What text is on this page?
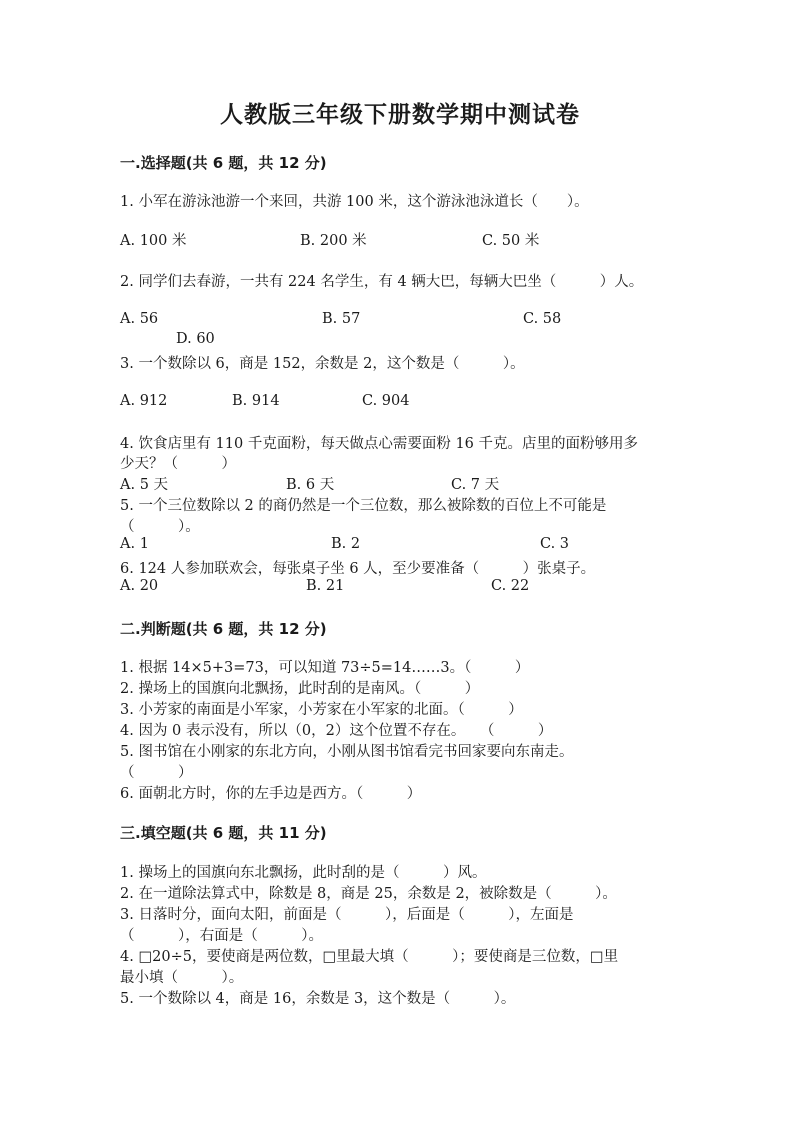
人教版三年级下册数学期中测试卷
一.选择题(共 6 题，共 12 分)
1. 小军在游泳池游一个来回，共游 100 米，这个游泳池泳道长（　　）。
A. 100 米	B. 200 米	C. 50 米
2. 同学们去春游，一共有 224 名学生，有 4 辆大巴，每辆大巴坐（　　　）人。
A. 56	B. 57	C. 58
D. 60
3. 一个数除以 6，商是 152，余数是 2，这个数是（　　　）。
A. 912	B. 914	C. 904
4. 饮食店里有 110 千克面粉，每天做点心需要面粉 16 千克。店里的面粉够用多
少天？（　　　）
A. 5 天	B. 6 天	C. 7 天
5. 一个三位数除以 2 的商仍然是一个三位数，那么被除数的百位上不可能是
（　　　）。
A. 1	B. 2	C. 3
6. 124 人参加联欢会，每张桌子坐 6 人，至少要准备（　　　）张桌子。
A. 20	B. 21	C. 22
二.判断题(共 6 题，共 12 分)
1. 根据 14×5+3=73，可以知道 73÷5=14……3。（　　　）
2. 操场上的国旗向北飘扬，此时刮的是南风。（　　　）
3. 小芳家的南面是小军家，小芳家在小军家的北面。（　　　）
4. 因为 0 表示没有，所以（0，2）这个位置不存在。　　（　　　）
5. 图书馆在小刚家的东北方向，小刚从图书馆看完书回家要向东南走。
（　　　）
6. 面朝北方时，你的左手边是西方。（　　　）
三.填空题(共 6 题，共 11 分)
1. 操场上的国旗向东北飘扬，此时刮的是（　　　）风。
2. 在一道除法算式中，除数是 8，商是 25，余数是 2，被除数是（　　　）。
3. 日落时分，面向太阳，前面是（　　　），后面是（　　　），左面是
（　　　），右面是（　　　）。
4. □20÷5，要使商是两位数，□里最大填（　　　）；要使商是三位数，□里
最小填（　　　）。
5. 一个数除以 4，商是 16，余数是 3，这个数是（　　　）。
